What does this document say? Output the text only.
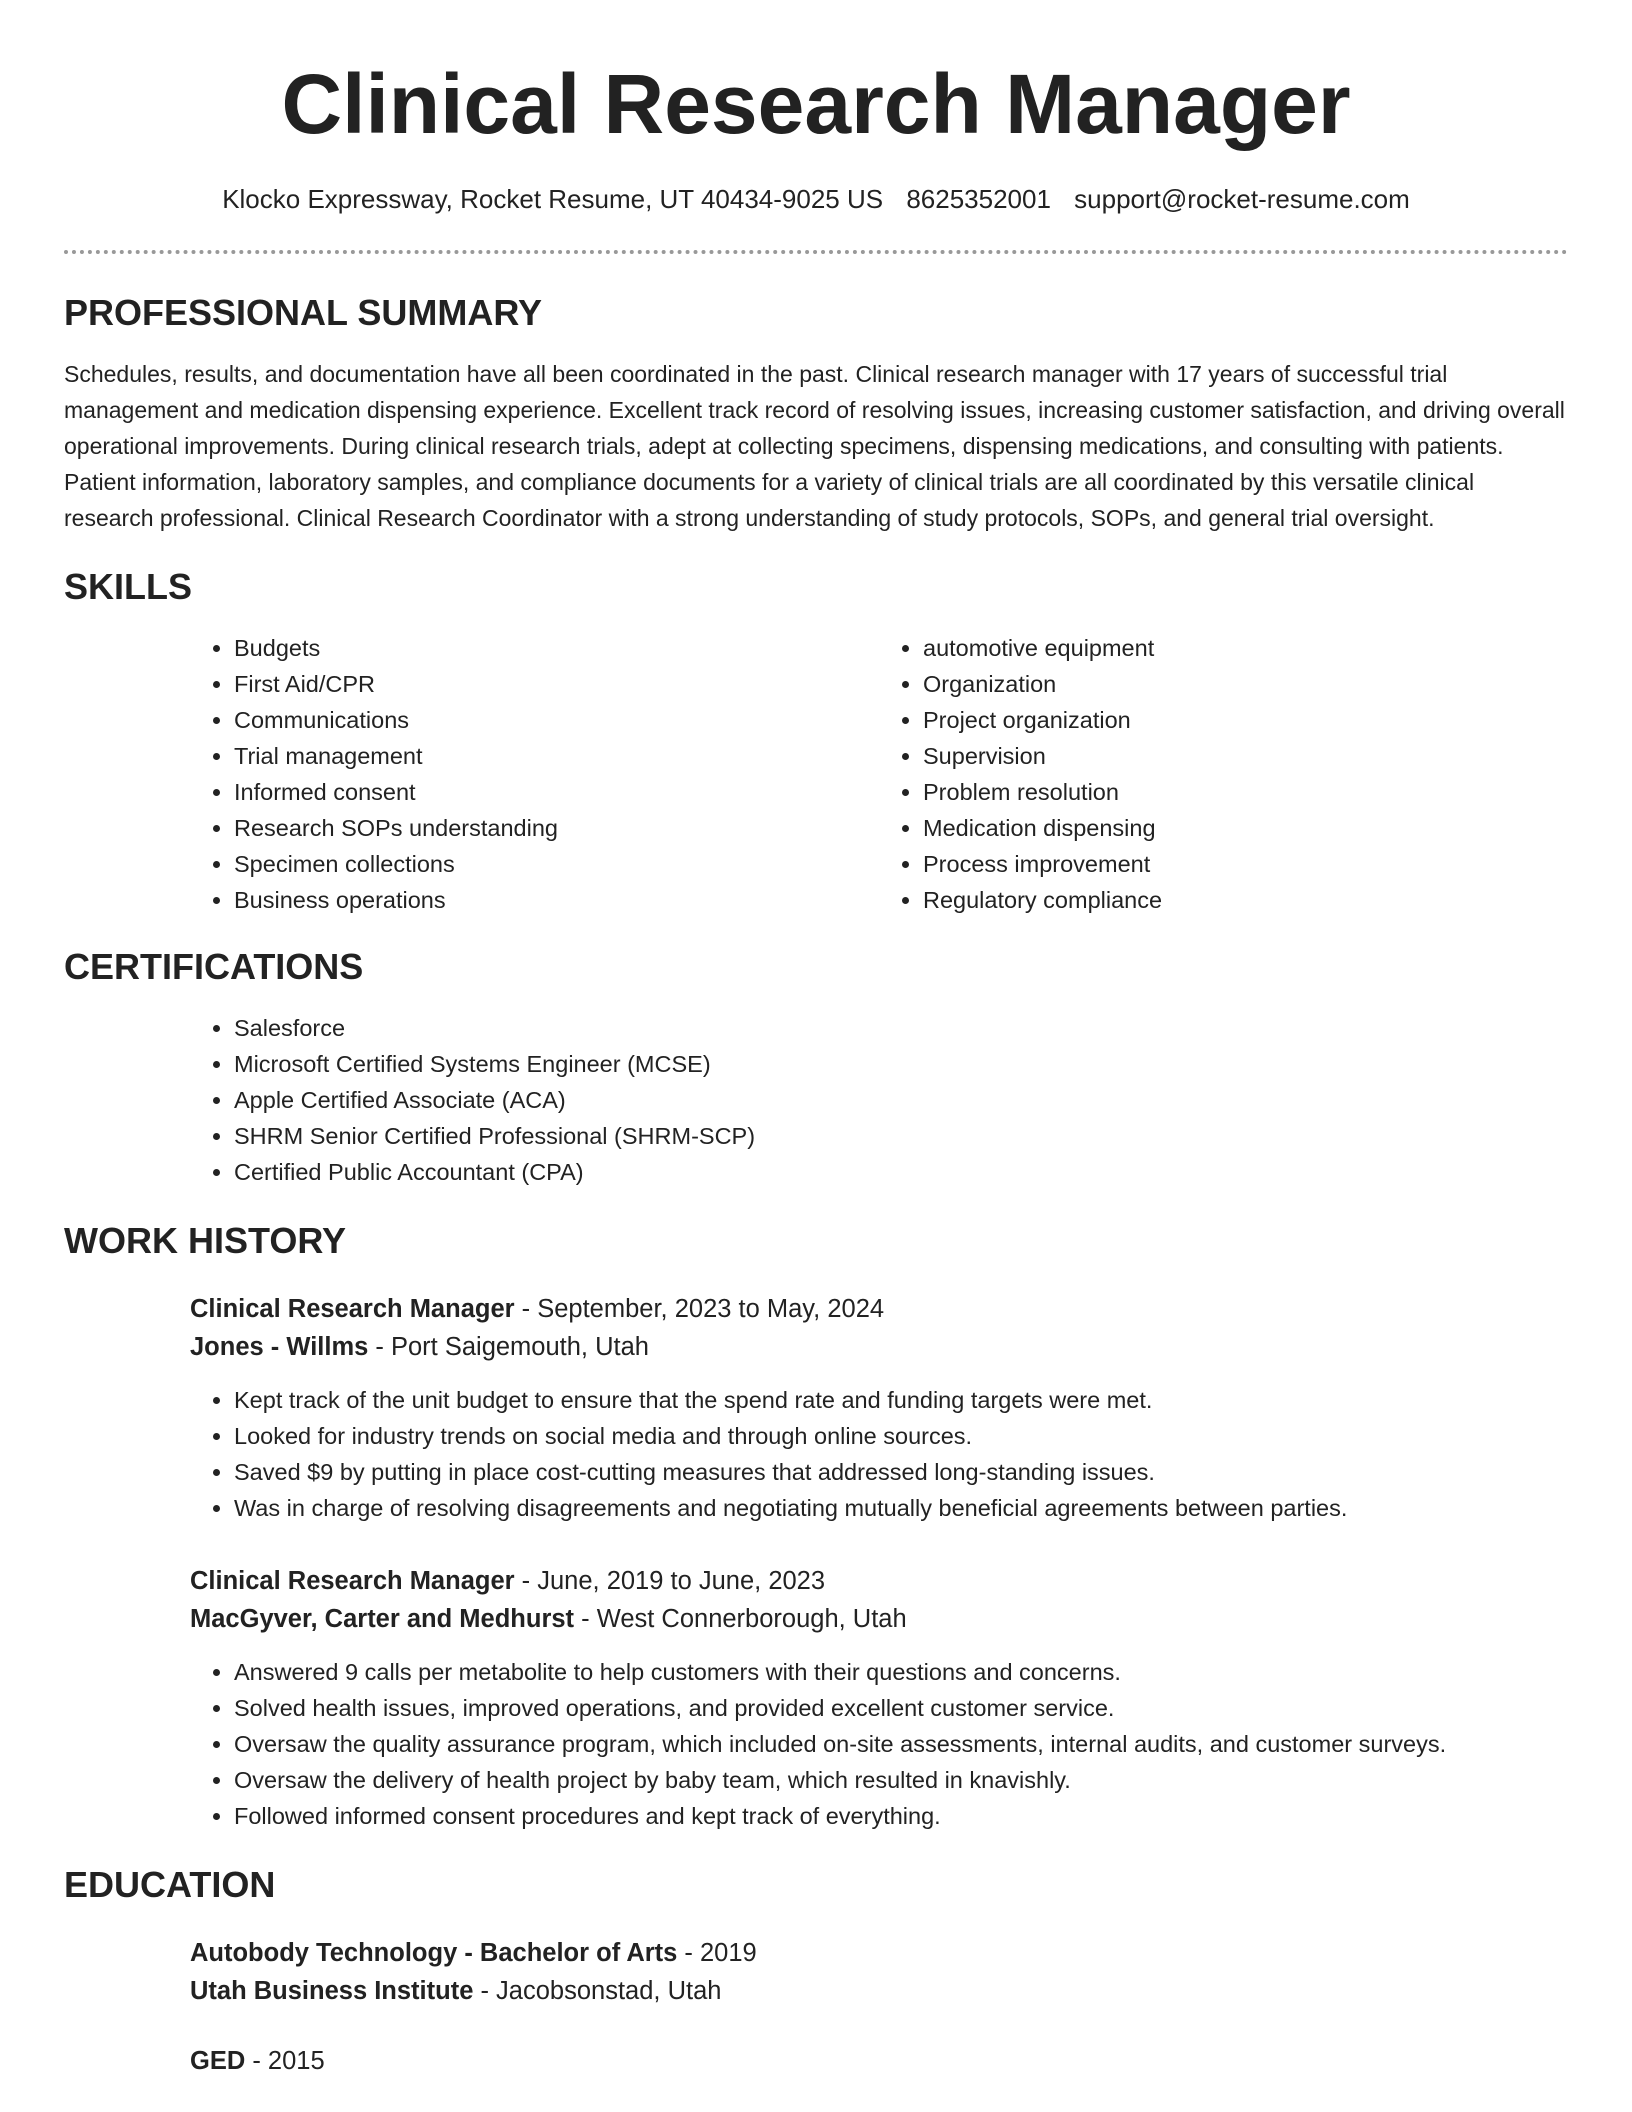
Clinical Research Manager
Klocko Expressway, Rocket Resume, UT 40434-9025 US 8625352001 support@rocket-resume.com
PROFESSIONAL SUMMARY

Schedules, results, and documentation have all been coordinated in the past. Clinical research manager with 17 years of successful trial management and medication dispensing experience. Excellent track record of resolving issues, increasing customer satisfaction, and driving overall operational improvements. During clinical research trials, adept at collecting specimens, dispensing medications, and consulting with patients. Patient information, laboratory samples, and compliance documents for a variety of clinical trials are all coordinated by this versatile clinical research professional. Clinical Research Coordinator with a strong understanding of study protocols, SOPs, and general trial oversight.

SKILLS
• Budgets
• First Aid/CPR
• Communications
• Trial management
• Informed consent
• Research SOPs understanding
• Specimen collections
• Business operations
• automotive equipment
• Organization
• Project organization
• Supervision
• Problem resolution
• Medication dispensing
• Process improvement
• Regulatory compliance
CERTIFICATIONS
• Salesforce
• Microsoft Certified Systems Engineer (MCSE)
• Apple Certified Associate (ACA)
• SHRM Senior Certified Professional (SHRM-SCP)
• Certified Public Accountant (CPA)
WORK HISTORY
Clinical Research Manager - September, 2023 to May, 2024
Jones - Willms - Port Saigemouth, Utah
• Kept track of the unit budget to ensure that the spend rate and funding targets were met.
• Looked for industry trends on social media and through online sources.
• Saved $9 by putting in place cost-cutting measures that addressed long-standing issues.
• Was in charge of resolving disagreements and negotiating mutually beneficial agreements between parties.
Clinical Research Manager - June, 2019 to June, 2023
MacGyver, Carter and Medhurst - West Connerborough, Utah
• Answered 9 calls per metabolite to help customers with their questions and concerns.
• Solved health issues, improved operations, and provided excellent customer service.
• Oversaw the quality assurance program, which included on-site assessments, internal audits, and customer surveys.
• Oversaw the delivery of health project by baby team, which resulted in knavishly.
• Followed informed consent procedures and kept track of everything.
EDUCATION
Autobody Technology - Bachelor of Arts - 2019
Utah Business Institute - Jacobsonstad, Utah
GED - 2015
